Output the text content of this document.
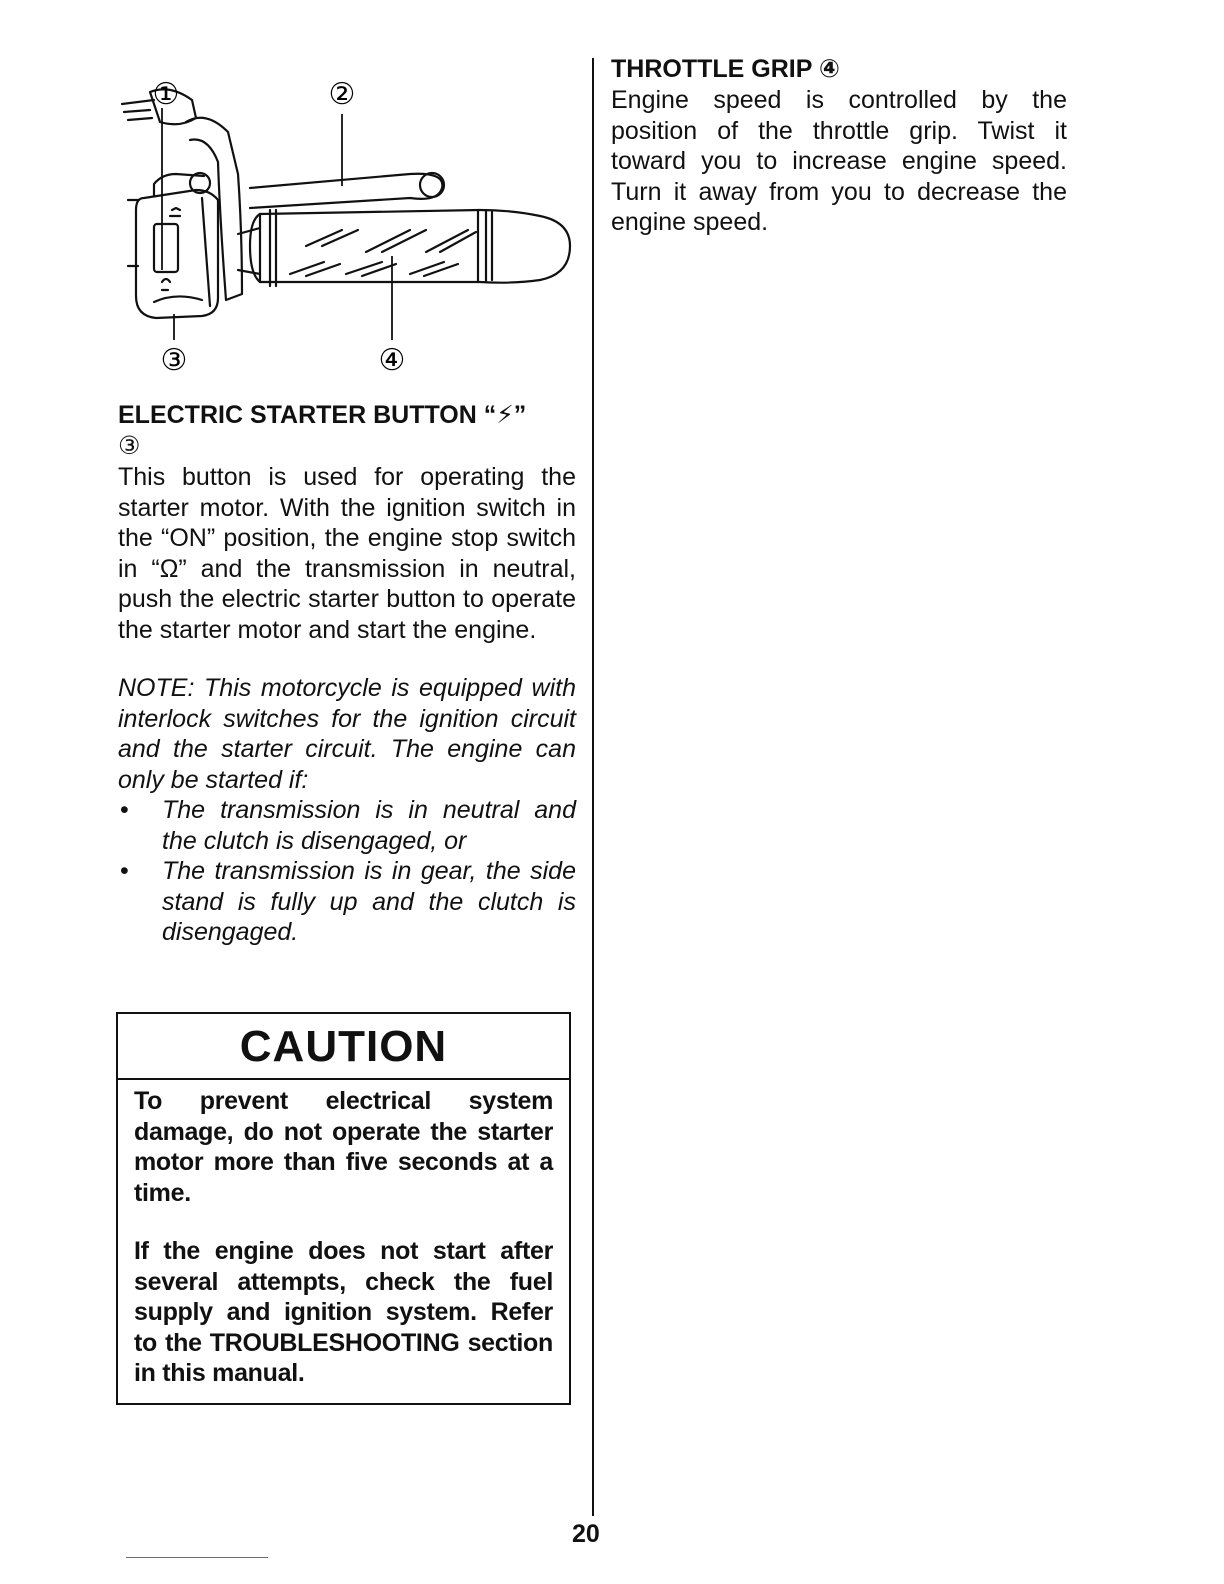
①	②
③	④

ELECTRIC STARTER BUTTON “⚡”
③

This button is used for operating the starter motor. With the ignition switch in the “ON” position, the engine stop switch in “Ω” and the transmission in neutral, push the electric starter button to operate the starter motor and start the engine.

NOTE: This motorcycle is equipped with interlock switches for the ignition circuit and the starter circuit. The engine can only be started if:

• The transmission is in neutral and the clutch is disengaged, or
• The transmission is in gear, the side stand is fully up and the clutch is disengaged.
CAUTION

To prevent electrical system damage, do not operate the starter motor more than five seconds at a time.

If the engine does not start after several attempts, check the fuel supply and ignition system. Refer to the TROUBLESHOOTING section in this manual.

THROTTLE GRIP ④

Engine speed is controlled by the position of the throttle grip. Twist it toward you to increase engine speed. Turn it away from you to decrease the engine speed.

20
